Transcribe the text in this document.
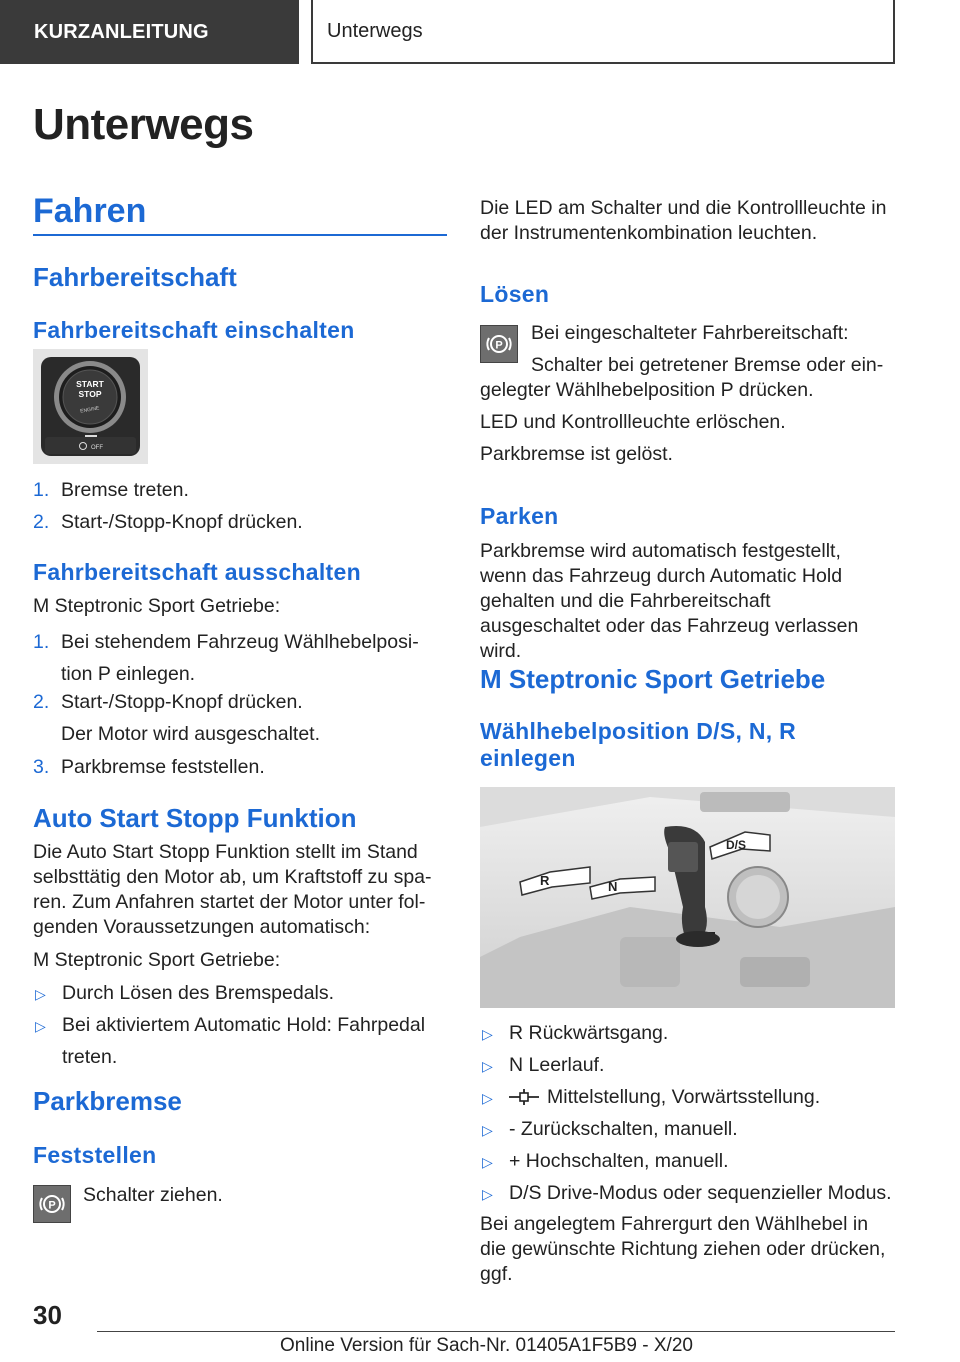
KURZANLEITUNG	Unterwegs
Unterwegs
Fahren
Fahrbereitschaft
Fahrbereitschaft einschalten
START
STOP
ENGINE
OFF
1. Bremse treten.
2. Start-/Stopp-Knopf drücken.
Fahrbereitschaft ausschalten

M Steptronic Sport Getriebe:

1. Bei stehendem Fahrzeug Wählhebelposi‐tion P einlegen.
2. Start-/Stopp-Knopf drücken.
Der Motor wird ausgeschaltet.
3. Parkbremse feststellen.
Auto Start Stopp Funktion

Die Auto Start Stopp Funktion stellt im Stand selbsttätig den Motor ab, um Kraftstoff zu spa‐ren. Zum Anfahren startet der Motor unter fol‐genden Voraussetzungen automatisch:

M Steptronic Sport Getriebe:

▷ Durch Lösen des Bremspedals.
▷ Bei aktiviertem Automatic Hold: Fahrpedal treten.
Parkbremse
Feststellen
P Schalter ziehen.

Die LED am Schalter und die Kontrollleuchte in der Instrumentenkombination leuchten.

Lösen
P

Bei eingeschalteter Fahrbereitschaft:

Schalter bei getretener Bremse oder ein‐

gelegter Wählhebelposition P drücken.

LED und Kontrollleuchte erlöschen.

Parkbremse ist gelöst.

Parken

Parkbremse wird automatisch festgestellt, wenn das Fahrzeug durch Automatic Hold gehalten und die Fahrbereitschaft ausgeschaltet oder das Fahrzeug verlassen wird.

M Steptronic Sport Getriebe
Wählhebelposition D/S, N, R
einlegen
R	N
D/S
▷ R Rückwärtsgang.
▷ N Leerlauf.
▷	Mittelstellung, Vorwärtsstellung.
▷ - Zurückschalten, manuell.
▷ + Hochschalten, manuell.
▷ D/S Drive-Modus oder sequenzieller Modus.

Bei angelegtem Fahrergurt den Wählhebel in die gewünschte Richtung ziehen oder drücken, ggf.

30
Online Version für Sach-Nr. 01405A1F5B9 - X/20
